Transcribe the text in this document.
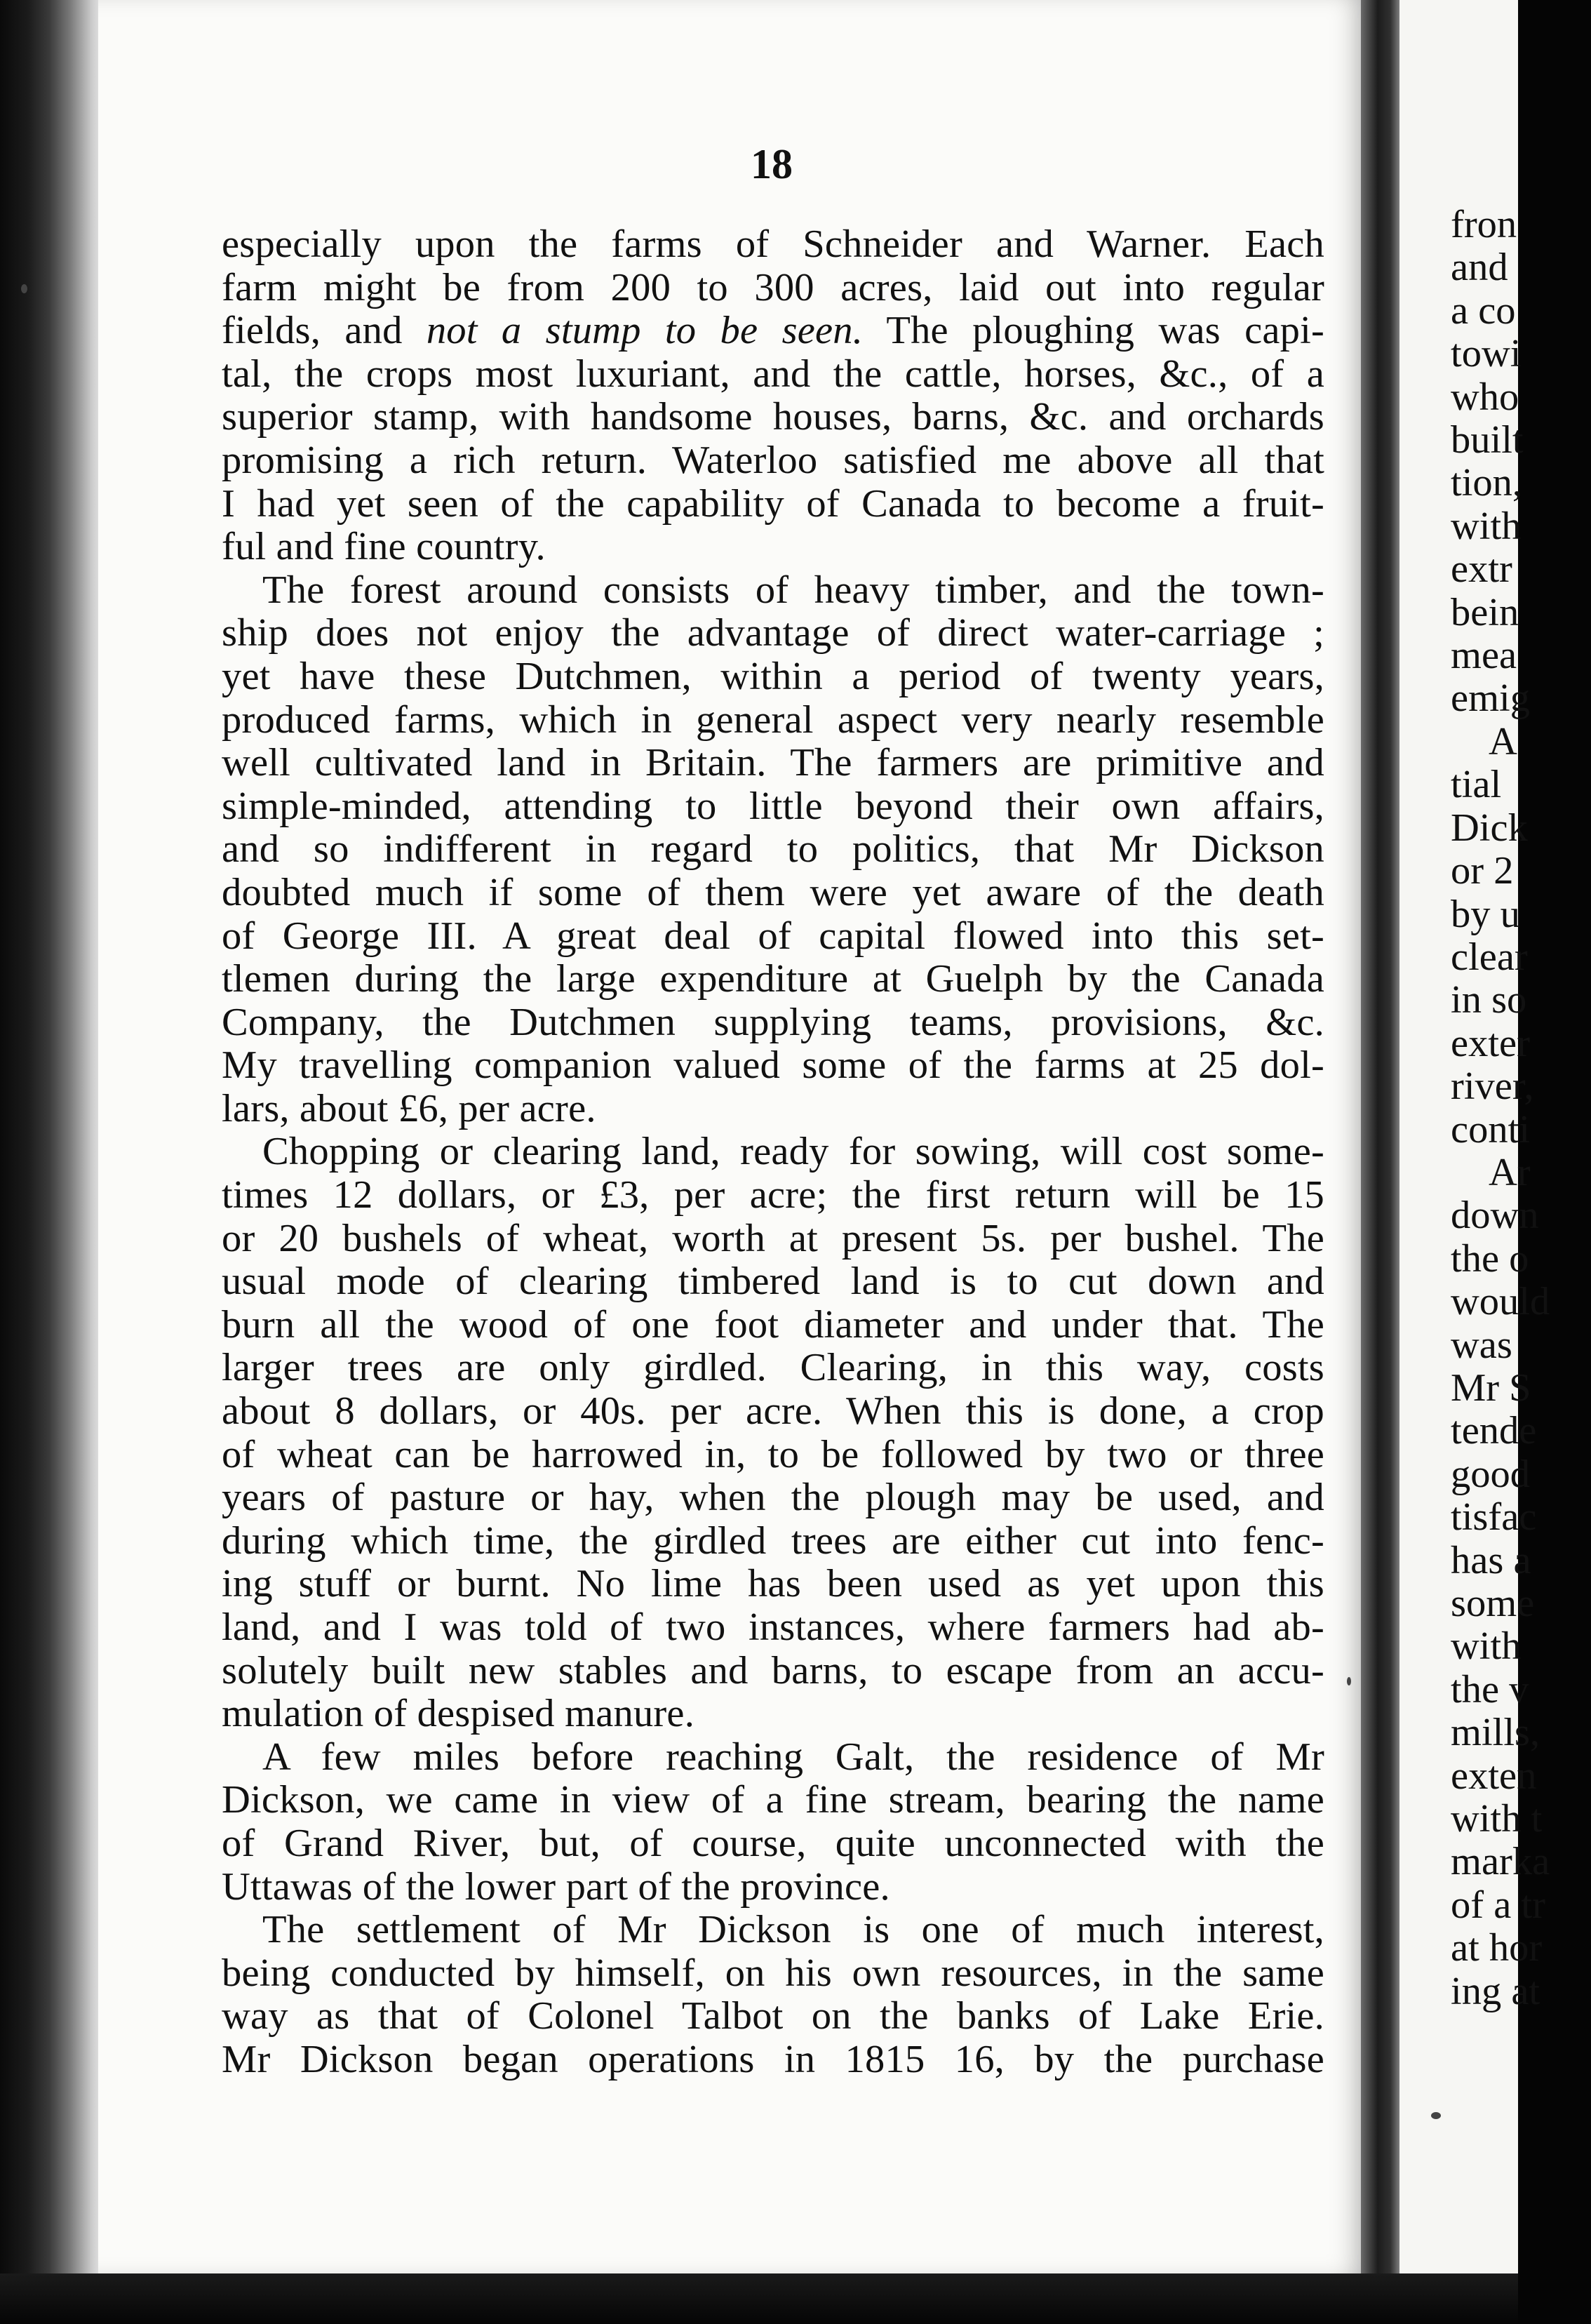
18
especially upon the farms of Schneider and Warner. Each
farm might be from 200 to 300 acres, laid out into regular
fields, and not a stump to be seen. The ploughing was capi-
tal, the crops most luxuriant, and the cattle, horses, &c., of a
superior stamp, with handsome houses, barns, &c. and orchards
promising a rich return. Waterloo satisfied me above all that
I had yet seen of the capability of Canada to become a fruit-
ful and fine country.
The forest around consists of heavy timber, and the town-
ship does not enjoy the advantage of direct water-carriage ;
yet have these Dutchmen, within a period of twenty years,
produced farms, which in general aspect very nearly resemble
well cultivated land in Britain. The farmers are primitive and
simple-minded, attending to little beyond their own affairs,
and so indifferent in regard to politics, that Mr Dickson
doubted much if some of them were yet aware of the death
of George III. A great deal of capital flowed into this set-
tlemen during the large expenditure at Guelph by the Canada
Company, the Dutchmen supplying teams, provisions, &c.
My travelling companion valued some of the farms at 25 dol-
lars, about £6, per acre.
Chopping or clearing land, ready for sowing, will cost some-
times 12 dollars, or £3, per acre; the first return will be 15
or 20 bushels of wheat, worth at present 5s. per bushel. The
usual mode of clearing timbered land is to cut down and
burn all the wood of one foot diameter and under that. The
larger trees are only girdled. Clearing, in this way, costs
about 8 dollars, or 40s. per acre. When this is done, a crop
of wheat can be harrowed in, to be followed by two or three
years of pasture or hay, when the plough may be used, and
during which time, the girdled trees are either cut into fenc-
ing stuff or burnt. No lime has been used as yet upon this
land, and I was told of two instances, where farmers had ab-
solutely built new stables and barns, to escape from an accu-
mulation of despised manure.
A few miles before reaching Galt, the residence of Mr
Dickson, we came in view of a fine stream, bearing the name
of Grand River, but, of course, quite unconnected with the
Uttawas of the lower part of the province.
The settlement of Mr Dickson is one of much interest,
being conducted by himself, on his own resources, in the same
way as that of Colonel Talbot on the banks of Lake Erie.
Mr Dickson began operations in 1815 16, by the purchase
fron
and
a co
towi
who
built
tion,
with
extr
bein
mea
emig
A
tial
Dick
or 2
by u
clear
in so
exter
river,
conti
Ar
down
the o
would
was
Mr S
tende
good
tisfac
has a
some
with
the v
mills,
exten
with t
marka
of a tr
at hor
ing at
